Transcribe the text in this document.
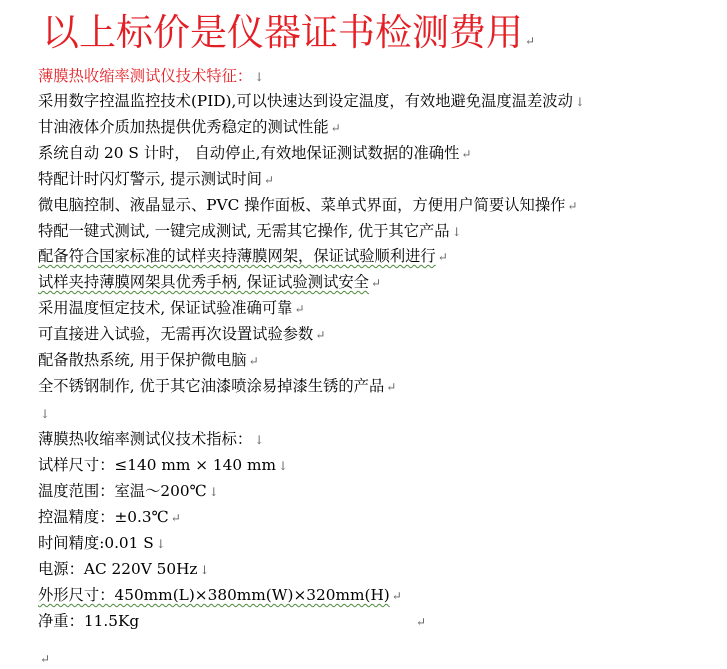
以上标价是仪器证书检测费用 ↵
薄膜热收缩率测试仪技术特征： ↓
采用数字控温监控技术(PID),可以快速达到设定温度，有效地避免温度温差波动 ↓
甘油液体介质加热提供优秀稳定的测试性能 ↵
系统自动 20 S 计时， 自动停止,有效地保证测试数据的准确性 ↵
特配计时闪灯警示, 提示测试时间 ↵
微电脑控制、液晶显示、PVC 操作面板、菜单式界面，方便用户简要认知操作 ↵
特配一键式测试, 一键完成测试, 无需其它操作, 优于其它产品 ↓
配备符合国家标准的试样夹持薄膜网架，保证试验顺利进行 ↵
试样夹持薄膜网架具优秀手柄, 保证试验测试安全 ↵
采用温度恒定技术, 保证试验准确可靠 ↵
可直接进入试验，无需再次设置试验参数 ↵
配备散热系统, 用于保护微电脑 ↵
全不锈钢制作, 优于其它油漆喷涂易掉漆生锈的产品 ↵
↓
薄膜热收缩率测试仪技术指标： ↓
试样尺寸：≤140 mm × 140 mm ↓
温度范围：室温～200℃ ↓
控温精度：±0.3℃ ↵
时间精度:0.01 S ↓
电源：AC 220V 50Hz ↓
外形尺寸：450mm(L)×380mm(W)×320mm(H) ↵
净重：11.5Kg	↵
↵
